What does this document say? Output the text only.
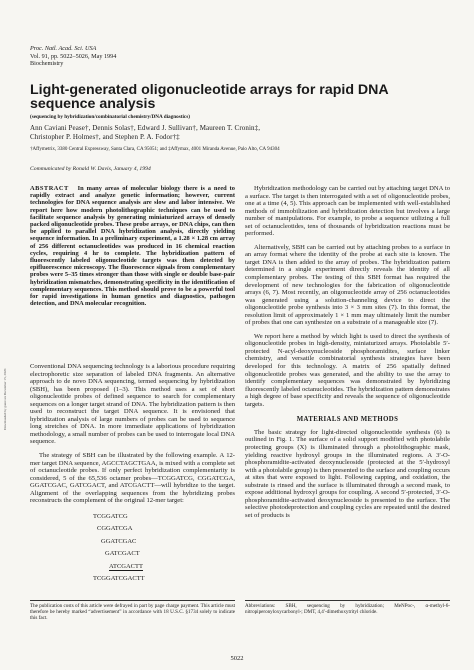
Proc. Natl. Acad. Sci. USA
Vol. 91, pp. 5022–5026, May 1994
Biochemistry
Light-generated oligonucleotide arrays for rapid DNA sequence analysis
(sequencing by hybridization/combinatorial chemistry/DNA diagnostics)
Ann Caviani Pease†, Dennis Solas†, Edward J. Sullivan†, Maureen T. Cronin‡,
Christopher P. Holmes†, and Stephen P. A. Fodor†‡
†Affymetrix, 3380 Central Expressway, Santa Clara, CA 95051; and ‡Affymax, 4001 Miranda Avenue, Palo Alto, CA 94304
Communicated by Ronald W. Davis, January 4, 1994
ABSTRACT In many areas of molecular biology there is a need to rapidly extract and analyze genetic information; however, current technologies for DNA sequence analysis are slow and labor intensive. We report here how modern photolithographic techniques can be used to facilitate sequence analysis by generating miniaturized arrays of densely packed oligonucleotide probes. These probe arrays, or DNA chips, can then be applied to parallel DNA hybridization analysis, directly yielding sequence information. In a preliminary experiment, a 1.28 × 1.28 cm array of 256 different octanucleotides was produced in 16 chemical reaction cycles, requiring 4 hr to complete. The hybridization pattern of fluorescently labeled oligonucleotide targets was then detected by epifluorescence microscopy. The fluorescence signals from complementary probes were 5–35 times stronger than those with single or double base-pair hybridization mismatches, demonstrating specificity in the identification of complementary sequences. This method should prove to be a powerful tool for rapid investigations in human genetics and diagnostics, pathogen detection, and DNA molecular recognition.

Conventional DNA sequencing technology is a laborious procedure requiring electrophoretic size separation of labeled DNA fragments. An alternative approach to de novo DNA sequencing, termed sequencing by hybridization (SBH), has been proposed (1–3). This method uses a set of short oligonucleotide probes of defined sequence to search for complementary sequences on a longer target strand of DNA. The hybridization pattern is then used to reconstruct the target DNA sequence. It is envisioned that hybridization analysis of large numbers of probes can be used to sequence long stretches of DNA. In more immediate applications of hybridization methodology, a small number of probes can be used to interrogate local DNA sequence.

The strategy of SBH can be illustrated by the following example. A 12-mer target DNA sequence, AGCCTAGCTGAA, is mixed with a complete set of octanucleotide probes. If only perfect hybridization complementarity is considered, 5 of the 65,536 octamer probes—TCGGATCG, CGGATCGA, GGATCGAC, GATCGACT, and ATCGACTT—will hybridize to the target. Alignment of the overlapping sequences from the hybridizing probes reconstructs the complement of the original 12-mer target:

TCGGATCG
CGGATCGA
GGATCGAC
GATCGACT
ATCGACTT
TCGGATCGACTT

Hybridization methodology can be carried out by attaching target DNA to a surface. The target is then interrogated with a set of oligonucleotide probes, one at a time (4, 5). This approach can be implemented with well-established methods of immobilization and hybridization detection but involves a large number of manipulations. For example, to probe a sequence utilizing a full set of octanucleotides, tens of thousands of hybridization reactions must be performed.

Alternatively, SBH can be carried out by attaching probes to a surface in an array format where the identity of the probe at each site is known. The target DNA is then added to the array of probes. The hybridization pattern determined in a single experiment directly reveals the identity of all complementary probes. The testing of this SBH format has required the development of new technologies for the fabrication of oligonucleotide arrays (6, 7). Most recently, an oligonucleotide array of 256 octanucleotides was generated using a solution-channeling device to direct the oligonucleotide probe synthesis into 3 × 3 mm sites (7). In this format, the resolution limit of approximately 1 × 1 mm may ultimately limit the number of probes that one can synthesize on a substrate of a manageable size (7).

We report here a method by which light is used to direct the synthesis of oligonucleotide probes in high-density, miniaturized arrays. Photolabile 5′-protected N-acyl-deoxynucleoside phosphoramidites, surface linker chemistry, and versatile combinatorial synthesis strategies have been developed for this technology. A matrix of 256 spatially defined oligonucleotide probes was generated, and the ability to use the array to identify complementary sequences was demonstrated by hybridizing fluorescently labeled octanucleotides. The hybridization pattern demonstrates a high degree of base specificity and reveals the sequence of oligonucleotide targets.

MATERIALS AND METHODS

The basic strategy for light-directed oligonucleotide synthesis (6) is outlined in Fig. 1. The surface of a solid support modified with photolabile protecting groups (X) is illuminated through a photolithographic mask, yielding reactive hydroxyl groups in the illuminated regions. A 3′-O-phosphoramidite-activated deoxynucleoside (protected at the 5′-hydroxyl with a photolabile group) is then presented to the surface and coupling occurs at sites that were exposed to light. Following capping, and oxidation, the substrate is rinsed and the surface is illuminated through a second mask, to expose additional hydroxyl groups for coupling. A second 5′-protected, 3′-O-phosphoramidite-activated deoxynucleoside is presented to the surface. The selective photodeprotection and coupling cycles are repeated until the desired set of products is

The publication costs of this article were defrayed in part by page charge payment. This article must therefore be hereby marked “advertisement” in accordance with 18 U.S.C. §1734 solely to indicate this fact.
Abbreviations: SBH, sequencing by hybridization; MeNPoc-, α-methyl-6-nitropiperonyloxycarbonyl-; DMT, 4,4′-dimethoxytrityl chloride.
5022
Downloaded by guest on December 15, 2020
